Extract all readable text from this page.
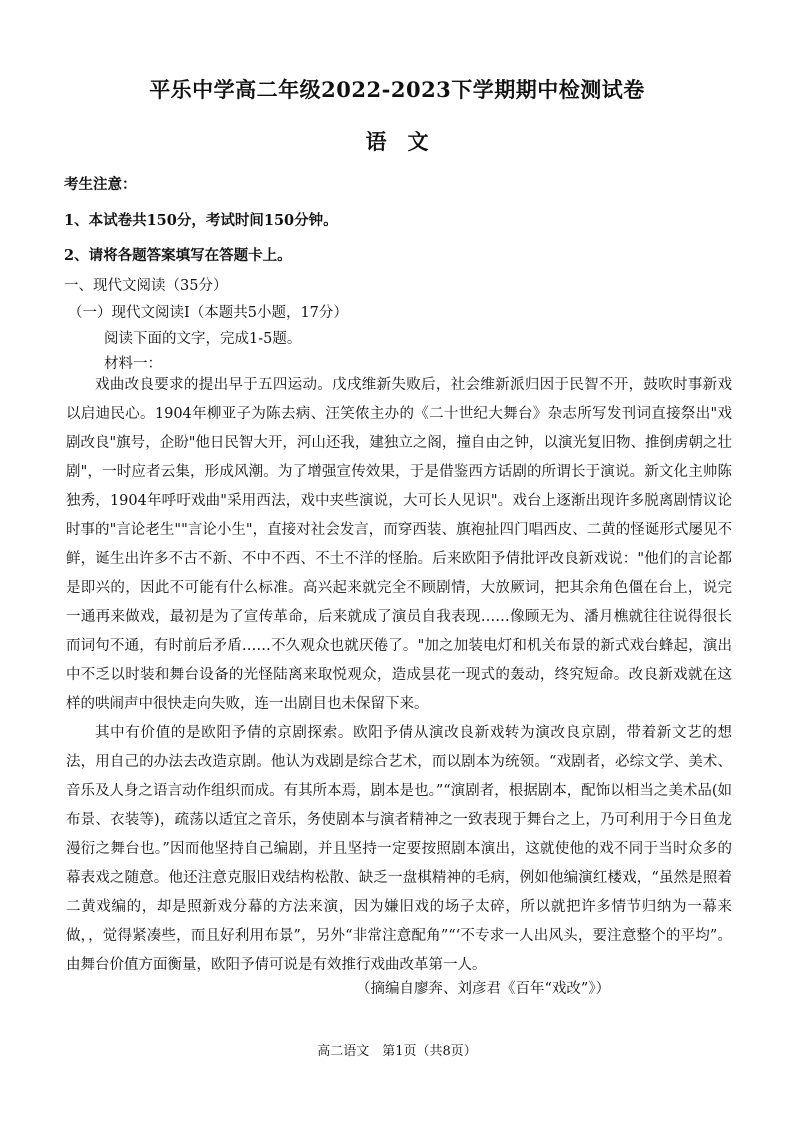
平乐中学高二年级2022-2023下学期期中检测试卷
语　文
考生注意：
1、本试卷共150分，考试时间150分钟。
2、请将各题答案填写在答题卡上。
一、现代文阅读（35分）
（一）现代文阅读Ⅰ（本题共5小题，17分）
阅读下面的文字，完成1-5题。
材料一：

戏曲改良要求的提出早于五四运动。戊戌维新失败后，社会维新派归因于民智不开，鼓吹时事新戏以启迪民心。1904年柳亚子为陈去病、汪笑侬主办的《二十世纪大舞台》杂志所写发刊词直接祭出"戏剧改良"旗号，企盼"他日民智大开，河山还我，建独立之阁，撞自由之钟，以演光复旧物、推倒虏朝之壮剧"，一时应者云集，形成风潮。为了增强宣传效果，于是借鉴西方话剧的所谓长于演说。新文化主帅陈独秀，1904年呼吁戏曲"采用西法，戏中夹些演说，大可长人见识"。戏台上逐渐出现许多脱离剧情议论时事的"言论老生""言论小生"，直接对社会发言，而穿西装、旗袍扯四门唱西皮、二黄的怪诞形式屡见不鲜，诞生出许多不古不新、不中不西、不土不洋的怪胎。后来欧阳予倩批评改良新戏说："他们的言论都是即兴的，因此不可能有什么标准。高兴起来就完全不顾剧情，大放厥词，把其余角色僵在台上，说完一通再来做戏，最初是为了宣传革命，后来就成了演员自我表现……像顾无为、潘月樵就往往说得很长而词句不通，有时前后矛盾……不久观众也就厌倦了。"加之加装电灯和机关布景的新式戏台蜂起，演出中不乏以时装和舞台设备的光怪陆离来取悦观众，造成昙花一现式的轰动，终究短命。改良新戏就在这样的哄闹声中很快走向失败，连一出剧目也未保留下来。

其中有价值的是欧阳予倩的京剧探索。欧阳予倩从演改良新戏转为演改良京剧，带着新文艺的想法，用自己的办法去改造京剧。他认为戏剧是综合艺术，而以剧本为统领。“戏剧者，必综文学、美术、音乐及人身之语言动作组织而成。有其所本焉，剧本是也。”“演剧者，根据剧本，配饰以相当之美术品(如布景、衣装等)，疏荡以适宜之音乐，务使剧本与演者精神之一致表现于舞台之上，乃可利用于今日鱼龙漫衍之舞台也。”因而他坚持自己编剧，并且坚持一定要按照剧本演出，这就使他的戏不同于当时众多的幕表戏之随意。他还注意克服旧戏结构松散、缺乏一盘棋精神的毛病，例如他编演红楼戏，“虽然是照着二黄戏编的，却是照新戏分幕的方法来演，因为嫌旧戏的场子太碎，所以就把许多情节归纳为一幕来做，，觉得紧凑些，而且好利用布景”，另外“非常注意配角”“‘不专求一人出风头，要注意整个的平均”。由舞台价值方面衡量，欧阳予倩可说是有效推行戏曲改革第一人。

（摘编自廖奔、刘彦君《百年“戏改”》）
高二语文　第1页（共8页）
